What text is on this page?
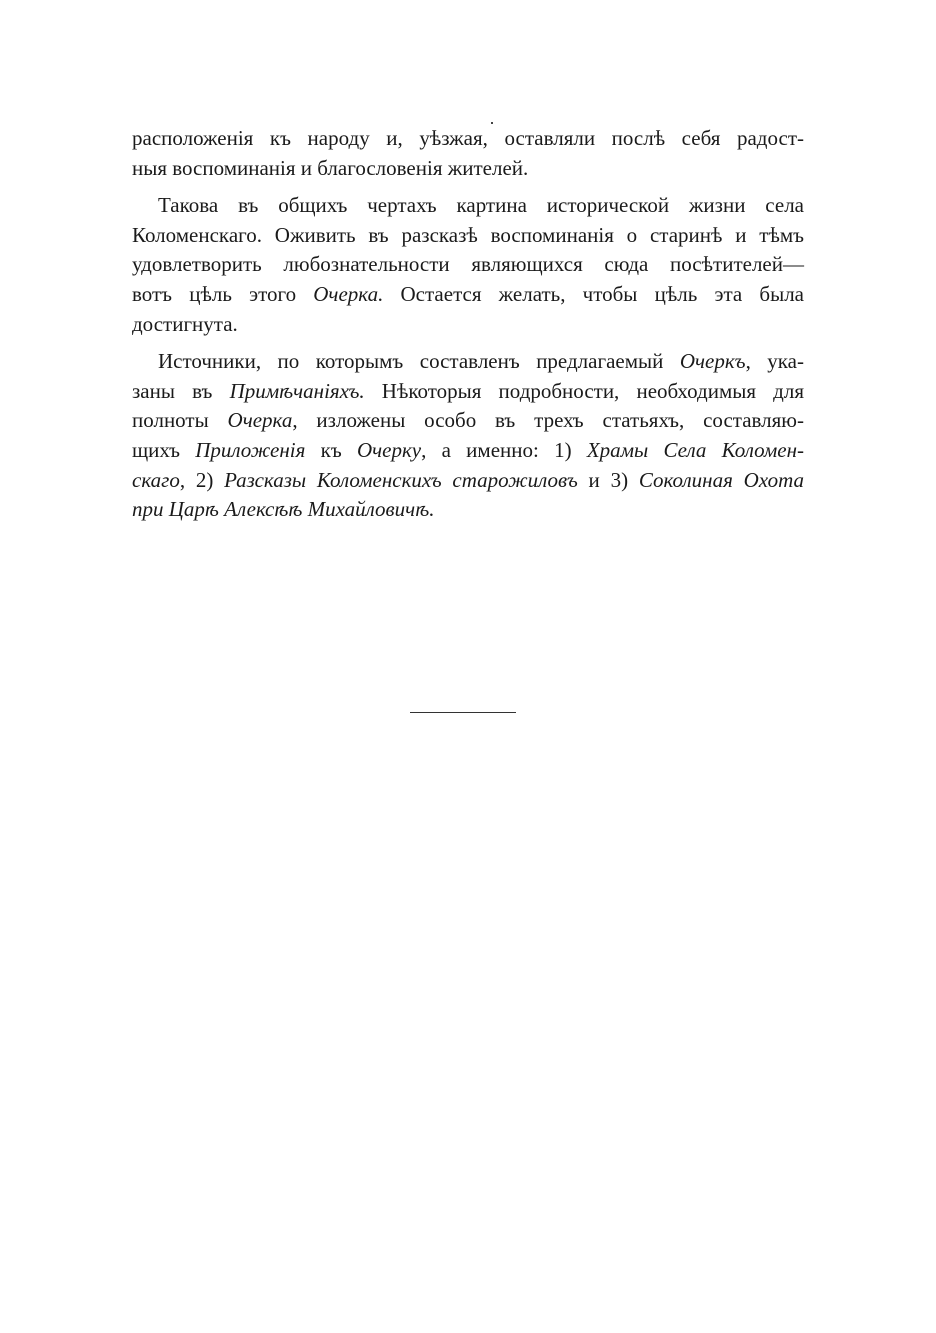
расположенія къ народу и, уѣзжая, оставляли послѣ себя радост-
ныя воспоминанія и благословенія жителей.

Такова въ общихъ чертахъ картина исторической жизни села
Коломенскаго. Оживить въ разсказѣ воспоминанія о старинѣ и тѣмъ
удовлетворить любознательности являющихся сюда посѣтителей—
вотъ цѣль этого Очерка. Остается желать, чтобы цѣль эта была
достигнута.

Источники, по которымъ составленъ предлагаемый Очеркъ, ука-
заны въ Примѣчаніяхъ. Нѣкоторыя подробности, необходимыя для
полноты Очерка, изложены особо въ трехъ статьяхъ, составляю-
щихъ Приложенія къ Очерку, а именно: 1) Храмы Села Коломен-
скаго, 2) Разсказы Коломенскихъ старожиловъ и 3) Соколиная Охота
при Царѣ Алексѣѣ Михайловичѣ.
